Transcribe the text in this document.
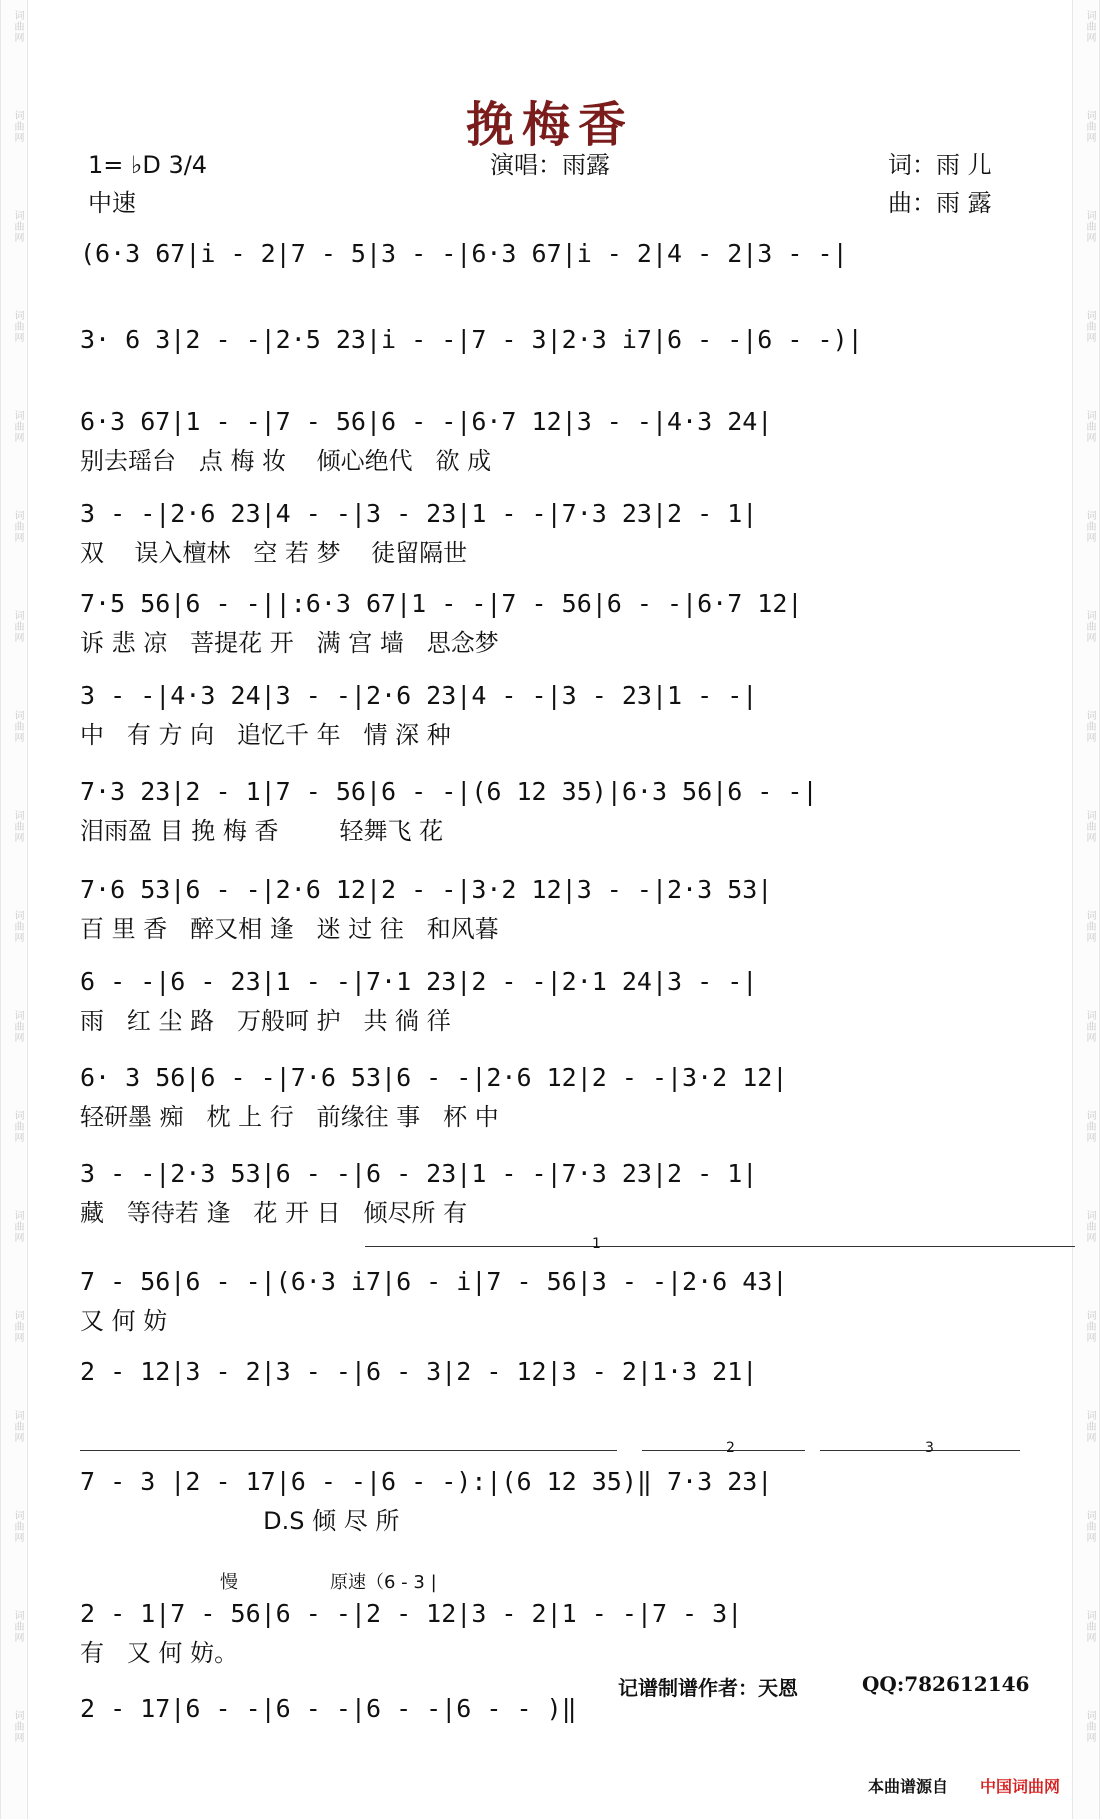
词曲网
词曲网
词曲网
词曲网
词曲网
词曲网
词曲网
词曲网
词曲网
词曲网
词曲网
词曲网
词曲网
词曲网
词曲网
词曲网
词曲网
词曲网
词曲网
词曲网
词曲网
词曲网
词曲网
词曲网
词曲网
词曲网
词曲网
词曲网
词曲网
词曲网
词曲网
词曲网
词曲网
词曲网
词曲网
词曲网
挽梅香
1= ♭D 3/4
中速
演唱：雨露	词：雨 儿
曲：雨 露
(6·3 67|i - 2|7 - 5|3 - -|6·3 67|i - 2|4 - 2|3 - -|
3· 6 3|2 - -|2·5 23|i - -|7 - 3|2·3 i7|6 - -|6 - -)|
6·3 67|1 - -|7 - 56|6 - -|6·7 12|3 - -|4·3 24|
别去瑶台   点 梅 妆    倾心绝代   欲 成
3 - -|2·6 23|4 - -|3 - 23|1 - -|7·3 23|2 - 1|
双    误入檀林   空 若 梦    徒留隔世
7·5 56|6 - -||:6·3 67|1 - -|7 - 56|6 - -|6·7 12|
诉 悲 凉   菩提花 开   满 宫 墙   思念梦
3 - -|4·3 24|3 - -|2·6 23|4 - -|3 - 23|1 - -|
中   有 方 向   追忆千 年   情 深 种
7·3 23|2 - 1|7 - 56|6 - -|(6 12 35)|6·3 56|6 - -|
泪雨盈 目 挽 梅 香        轻舞飞 花
7·6 53|6 - -|2·6 12|2 - -|3·2 12|3 - -|2·3 53|
百 里 香   醉又相 逢   迷 过 往   和风暮
6 - -|6 - 23|1 - -|7·1 23|2 - -|2·1 24|3 - -|
雨   红 尘 路   万般呵 护   共 徜 徉
6· 3 56|6 - -|7·6 53|6 - -|2·6 12|2 - -|3·2 12|
轻研墨 痴   枕 上 行   前缘往 事   杯 中
3 - -|2·3 53|6 - -|6 - 23|1 - -|7·3 23|2 - 1|
藏   等待若 逢   花 开 日   倾尽所 有
1
7 - 56|6 - -|(6·3 i7|6 - i|7 - 56|3 - -|2·6 43|
又 何 妨
2 - 12|3 - 2|3 - -|6 - 3|2 - 12|3 - 2|1·3 21|
2	3
7 - 3 |2 - 17|6 - -|6 - -):|(6 12 35)‖ 7·3 23|
D.S 倾 尽 所
慢	原速（6 - 3 |
2 - 1|7 - 56|6 - -|2 - 12|3 - 2|1 - -|7 - 3|
有   又 何 妨。
2 - 17|6 - -|6 - -|6 - -|6 - - )‖
记谱制谱作者：天恩	QQ:782612146
本曲谱源自 中国词曲网
